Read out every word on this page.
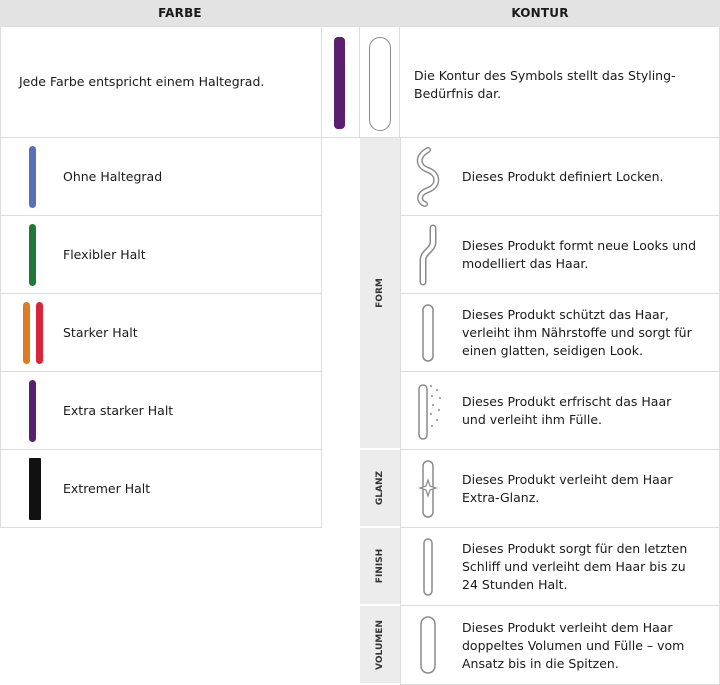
FARBE	KONTUR
Jede Farbe entspricht einem Haltegrad.	Die Kontur des Symbols stellt das Styling-Bedürfnis dar.
Ohne Haltegrad
Flexibler Halt
Starker Halt
Extra starker Halt
Extremer Halt
Dieses Produkt definiert Locken.
Dieses Produkt formt neue Looks und
modelliert das Haar.
Dieses Produkt schützt das Haar,
verleiht ihm Nährstoffe und sorgt für
einen glatten, seidigen Look.
Dieses Produkt erfrischt das Haar
und verleiht ihm Fülle.
Dieses Produkt verleiht dem Haar
Extra-Glanz.
Dieses Produkt sorgt für den letzten
Schliff und verleiht dem Haar bis zu
24 Stunden Halt.
Dieses Produkt verleiht dem Haar
doppeltes Volumen und Fülle – vom
Ansatz bis in die Spitzen.
FORM
GLANZ
FINISH
VOLUMEN
